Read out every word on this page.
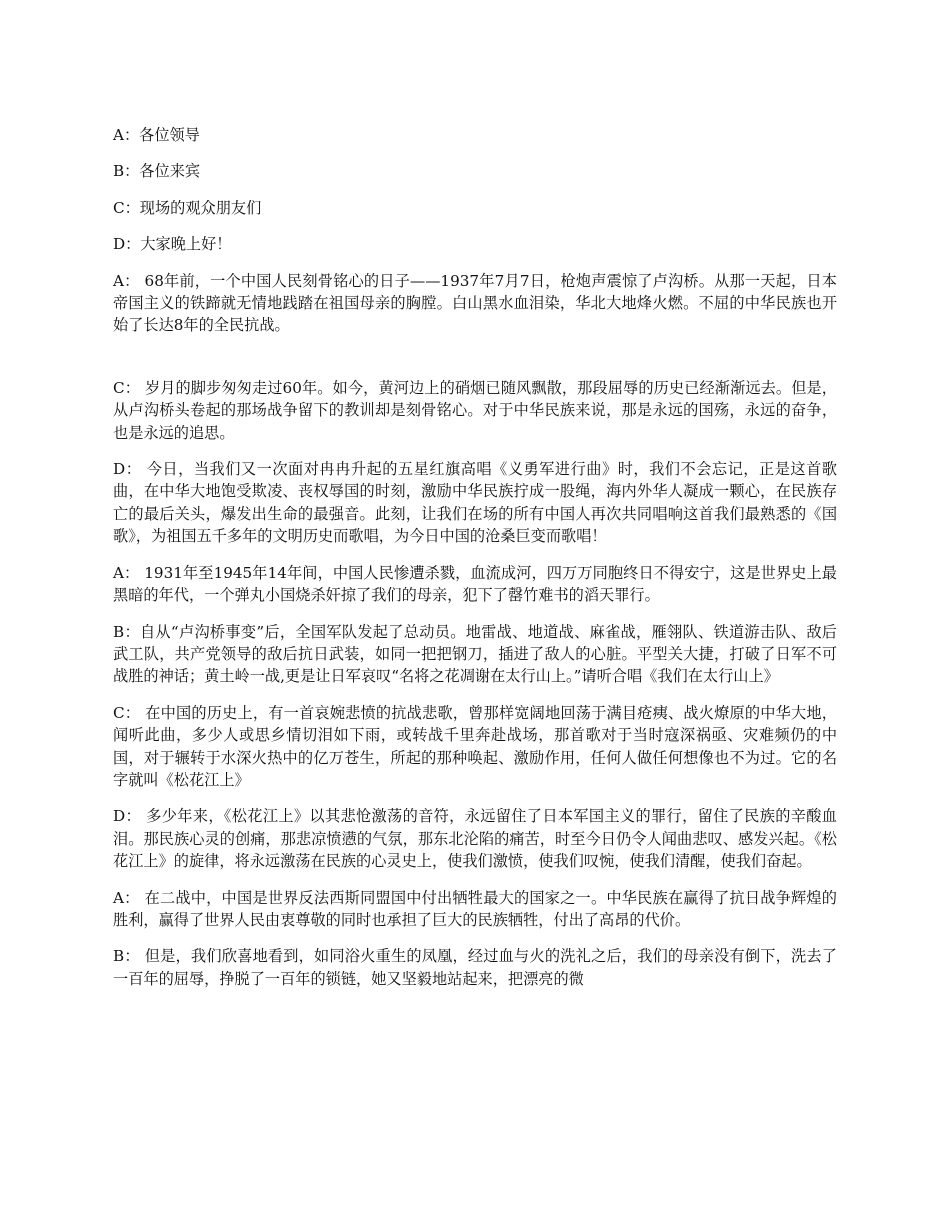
A：各位领导

B：各位来宾

C：现场的观众朋友们

D：大家晚上好！

A： 68年前，一个中国人民刻骨铭心的日子——1937年7月7日，枪炮声震惊了卢沟桥。从那一天起，日本帝国主义的铁蹄就无情地践踏在祖国母亲的胸膛。白山黑水血泪染，华北大地烽火燃。不屈的中华民族也开始了长达8年的全民抗战。

C： 岁月的脚步匆匆走过60年。如今，黄河边上的硝烟已随风飘散，那段屈辱的历史已经渐渐远去。但是，从卢沟桥头卷起的那场战争留下的教训却是刻骨铭心。对于中华民族来说，那是永远的国殇，永远的奋争，也是永远的追思。

D： 今日，当我们又一次面对冉冉升起的五星红旗高唱《义勇军进行曲》时，我们不会忘记，正是这首歌曲，在中华大地饱受欺凌、丧权辱国的时刻，激励中华民族拧成一股绳，海内外华人凝成一颗心，在民族存亡的最后关头，爆发出生命的最强音。此刻，让我们在场的所有中国人再次共同唱响这首我们最熟悉的《国歌》，为祖国五千多年的文明历史而歌唱，为今日中国的沧桑巨变而歌唱！

A： 1931年至1945年14年间，中国人民惨遭杀戮，血流成河，四万万同胞终日不得安宁，这是世界史上最黑暗的年代，一个弹丸小国烧杀奸掠了我们的母亲，犯下了罄竹难书的滔天罪行。

B：自从“卢沟桥事变”后，全国军队发起了总动员。地雷战、地道战、麻雀战，雁翎队、铁道游击队、敌后武工队，共产党领导的敌后抗日武装，如同一把把钢刀，插进了敌人的心脏。平型关大捷，打破了日军不可战胜的神话；黄土岭一战,更是让日军哀叹“名将之花凋谢在太行山上。”请听合唱《我们在太行山上》

C： 在中国的历史上，有一首哀婉悲愤的抗战悲歌，曾那样宽阔地回荡于满目疮痍、战火燎原的中华大地，闻听此曲，多少人或思乡情切泪如下雨，或转战千里奔赴战场，那首歌对于当时寇深祸亟、灾难频仍的中国，对于辗转于水深火热中的亿万苍生，所起的那种唤起、激励作用，任何人做任何想像也不为过。它的名字就叫《松花江上》

D： 多少年来，《松花江上》以其悲怆激荡的音符，永远留住了日本军国主义的罪行，留住了民族的辛酸血泪。那民族心灵的创痛，那悲凉愤懑的气氛，那东北沦陷的痛苦，时至今日仍令人闻曲悲叹、感发兴起。《松花江上》的旋律，将永远激荡在民族的心灵史上，使我们激愤，使我们叹惋，使我们清醒，使我们奋起。

A： 在二战中，中国是世界反法西斯同盟国中付出牺牲最大的国家之一。中华民族在赢得了抗日战争辉煌的胜利，赢得了世界人民由衷尊敬的同时也承担了巨大的民族牺牲，付出了高昂的代价。

B： 但是，我们欣喜地看到，如同浴火重生的凤凰，经过血与火的洗礼之后，我们的母亲没有倒下，洗去了一百年的屈辱，挣脱了一百年的锁链，她又坚毅地站起来，把漂亮的微
